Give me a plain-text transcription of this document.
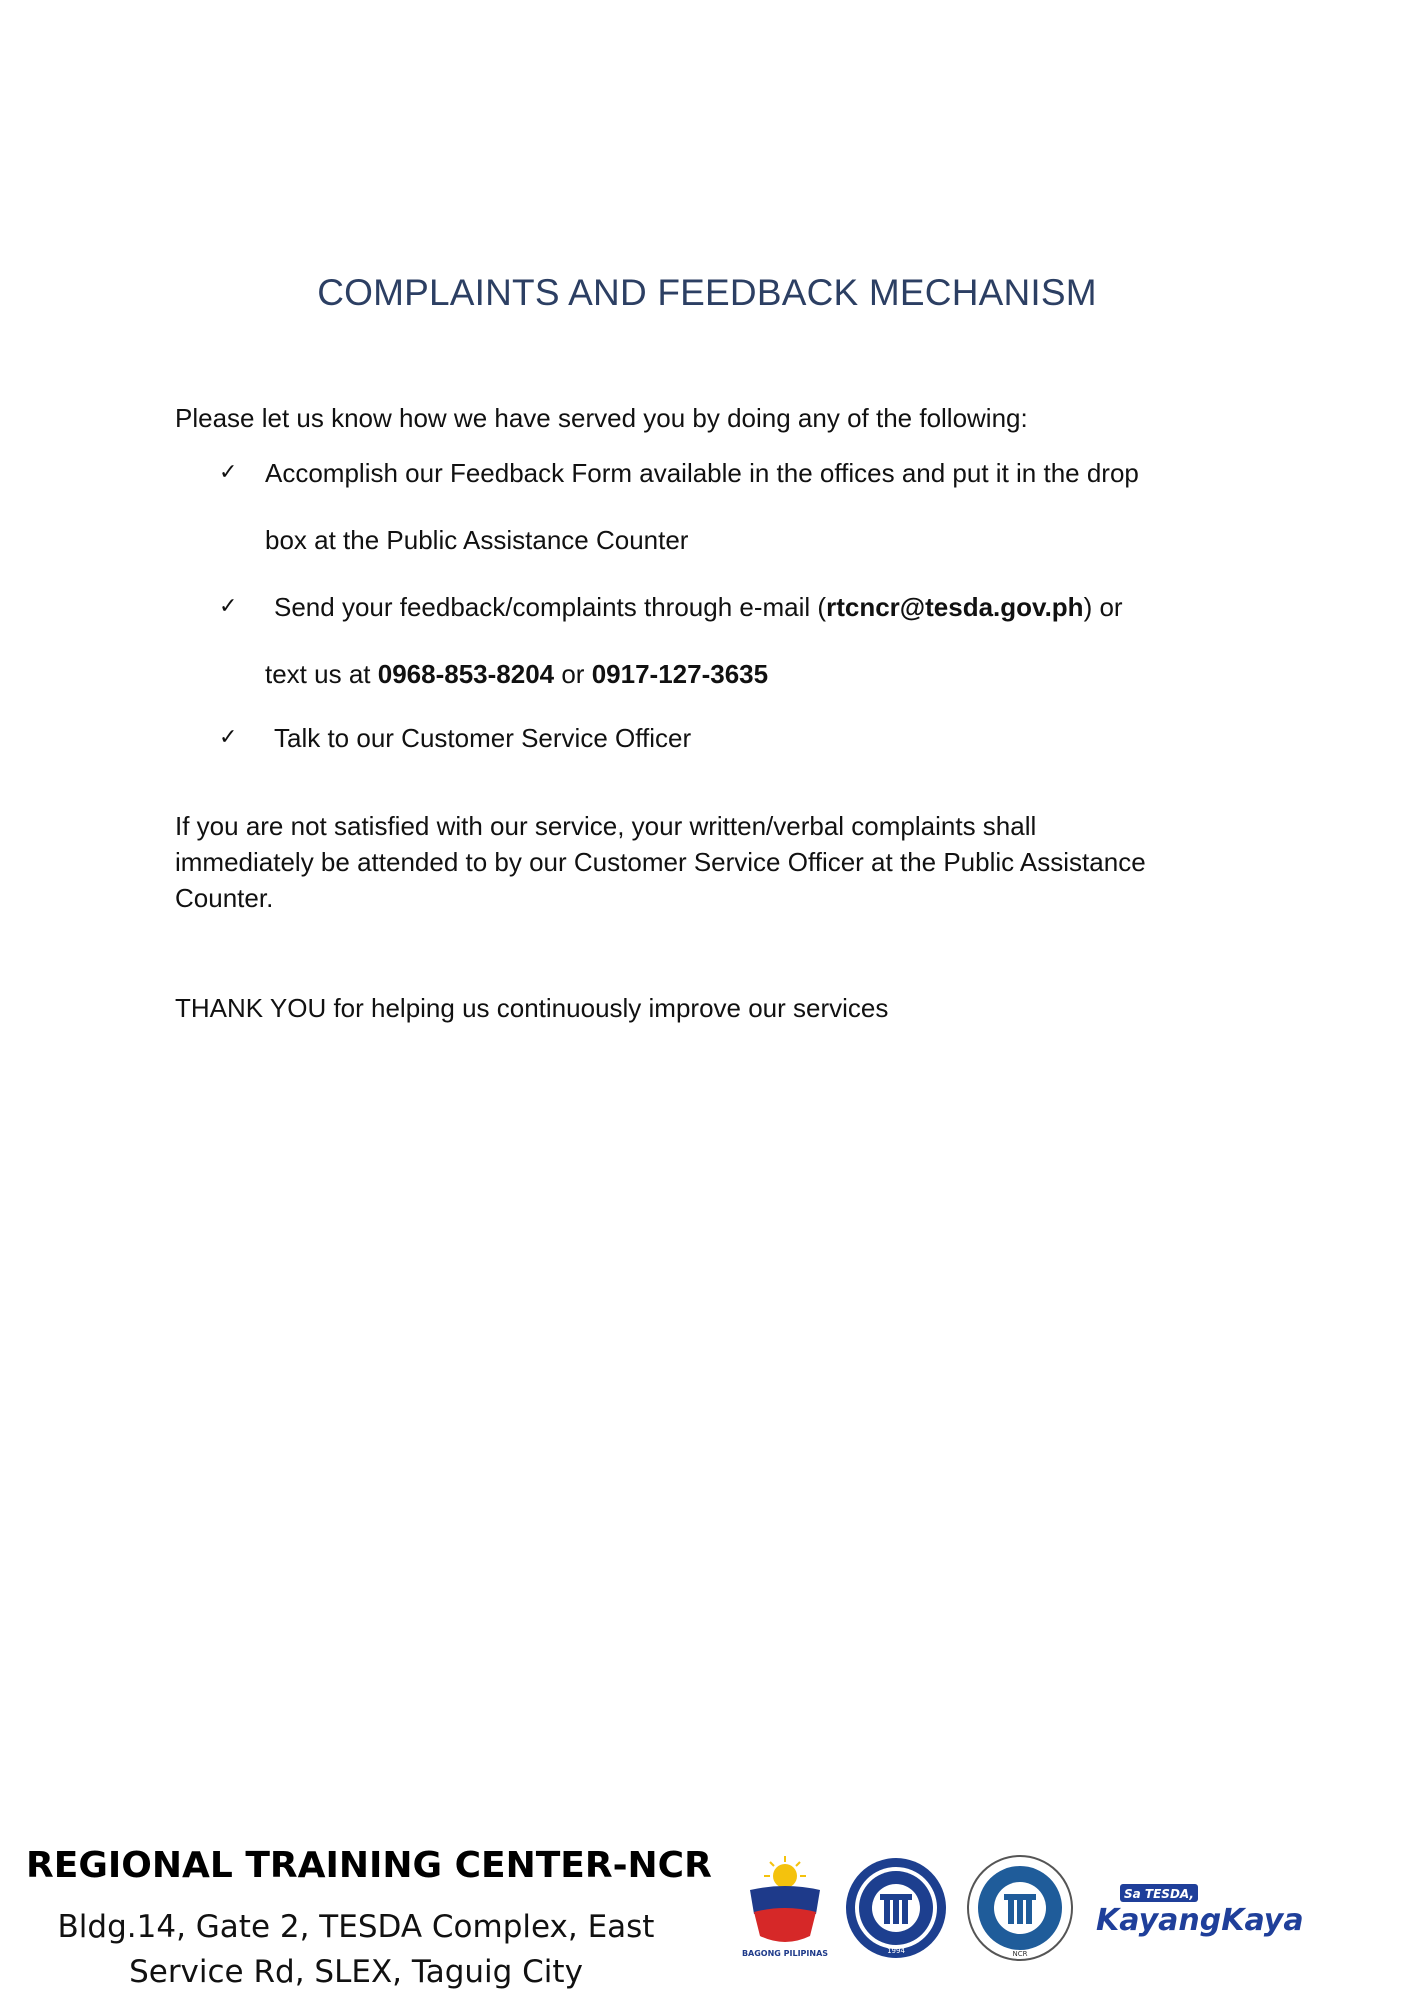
COMPLAINTS AND FEEDBACK MECHANISM
Please let us know how we have served you by doing any of the following:
✓	Accomplish our Feedback Form available in the offices and put it in the drop
box at the Public Assistance Counter
✓	Send your feedback/complaints through e-mail (rtcncr@tesda.gov.ph) or
text us at 0968-853-8204 or 0917-127-3635
✓	Talk to our Customer Service Officer
If you are not satisfied with our service, your written/verbal complaints shall
immediately be attended to by our Customer Service Officer at the Public Assistance
Counter.
THANK YOU for helping us continuously improve our services
REGIONAL TRAINING CENTER-NCR
Bldg.14, Gate 2, TESDA Complex, East
Service Rd, SLEX, Taguig City
BAGONG PILIPINAS	1994	NCR
Sa TESDA,
KayangKaya
